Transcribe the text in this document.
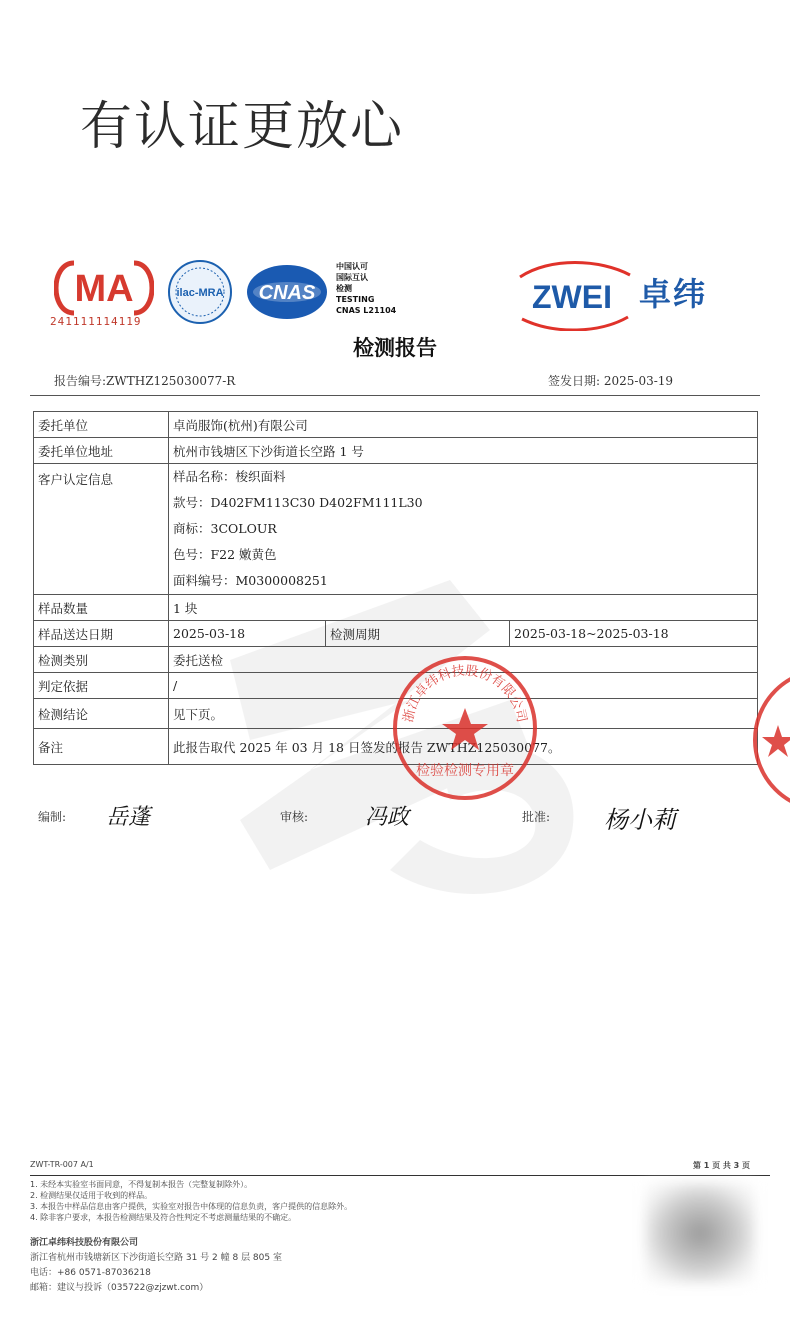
有认证更放心
MA
241111114119
ilac-MRA CNAS
中国认可
国际互认
检测
TESTING
CNAS L21104	ZWEI 卓纬
检测报告
报告编号:ZWTHZ125030077-R	签发日期: 2025-03-19
委托单位	卓尚服饰(杭州)有限公司		
委托单位地址	杭州市钱塘区下沙街道长空路 1 号		
客户认定信息	样品名称：梭织面料
款号：D402FM113C30 D402FM111L30
商标：3COLOUR
色号：F22 嫩黄色
面料编号：M0300008251		

样品数量	1 块		
样品送达日期	2025-03-18	检测周期	2025-03-18~2025-03-18
检测类别	委托送检		
判定依据	/		
检测结论	见下页。		
备注	此报告取代 2025 年 03 月 18 日签发的报告 ZWTHZ125030077。		
浙江卓纬科技股份有限公司
检验检测专用章
编制: 岳蓬	审核:	冯政	批准: 杨小莉
ZWT-TR-007 A/1	第 1 页 共 3 页
1. 未经本实验室书面同意，不得复制本报告（完整复制除外）。
2. 检测结果仅适用于收到的样品。
3. 本报告中样品信息由客户提供，实验室对报告中体现的信息负责，客户提供的信息除外。
4. 除非客户要求，本报告检测结果及符合性判定不考虑测量结果的不确定。
浙江卓纬科技股份有限公司
浙江省杭州市钱塘新区下沙街道长空路 31 号 2 幢 8 层 805 室
电话：+86 0571-87036218
邮箱：建议与投诉（035722@zjzwt.com）
